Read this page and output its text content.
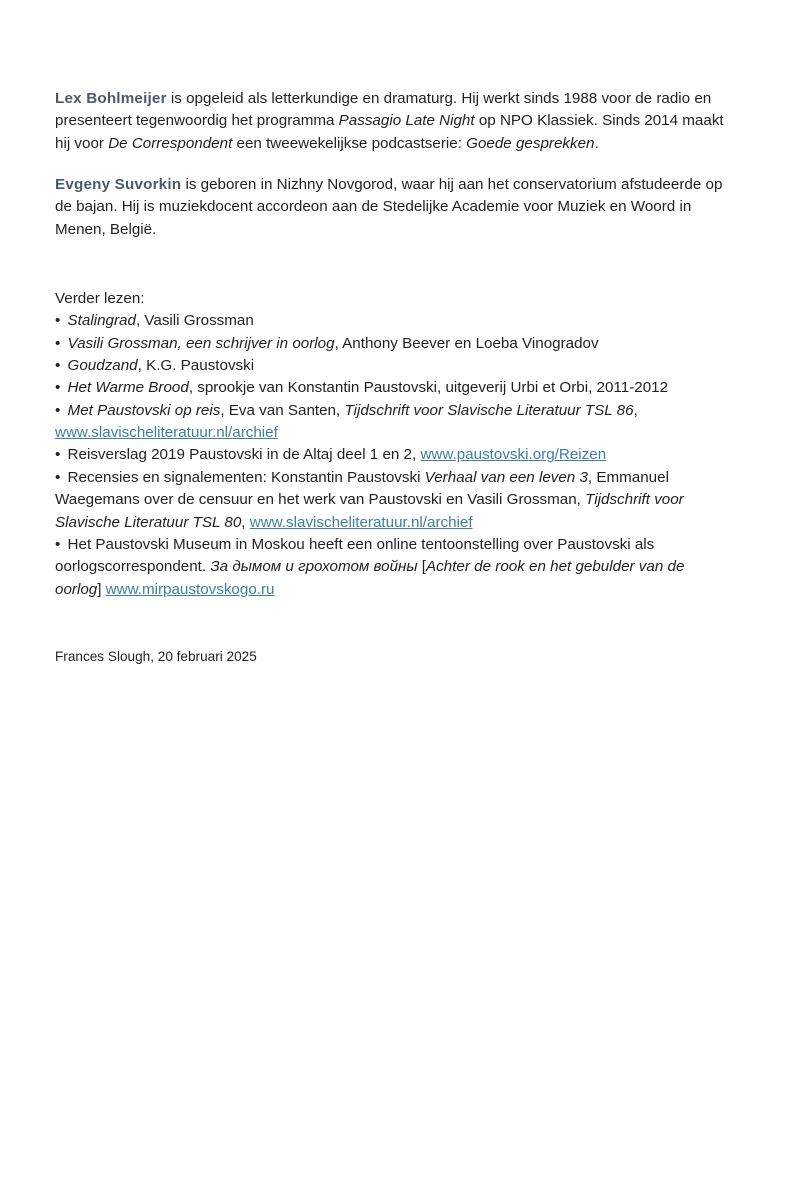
Lex Bohlmeijer is opgeleid als letterkundige en dramaturg. Hij werkt sinds 1988 voor de radio en presenteert tegenwoordig het programma Passagio Late Night op NPO Klassiek. Sinds 2014 maakt hij voor De Correspondent een tweewekelijkse podcastserie: Goede gesprekken.

Evgeny Suvorkin is geboren in Nizhny Novgorod, waar hij aan het conservatorium afstudeerde op de bajan. Hij is muziekdocent accordeon aan de Stedelijke Academie voor Muziek en Woord in Menen, België.

Verder lezen:

• Stalingrad, Vasili Grossman
• Vasili Grossman, een schrijver in oorlog, Anthony Beever en Loeba Vinogradov
• Goudzand, K.G. Paustovski
• Het Warme Brood, sprookje van Konstantin Paustovski, uitgeverij Urbi et Orbi, 2011-2012
• Met Paustovski op reis, Eva van Santen, Tijdschrift voor Slavische Literatuur TSL 86, www.slavischeliteratuur.nl/archief
• Reisverslag 2019 Paustovski in de Altaj deel 1 en 2, www.paustovski.org/Reizen
• Recensies en signalementen: Konstantin Paustovski Verhaal van een leven 3, Emmanuel Waegemans over de censuur en het werk van Paustovski en Vasili Grossman, Tijdschrift voor Slavische Literatuur TSL 80, www.slavischeliteratuur.nl/archief
• Het Paustovski Museum in Moskou heeft een online tentoonstelling over Paustovski als oorlogscorrespondent. За дымом и грохотом войны [Achter de rook en het gebulder van de oorlog] www.mirpaustovskogo.ru

Frances Slough, 20 februari 2025
